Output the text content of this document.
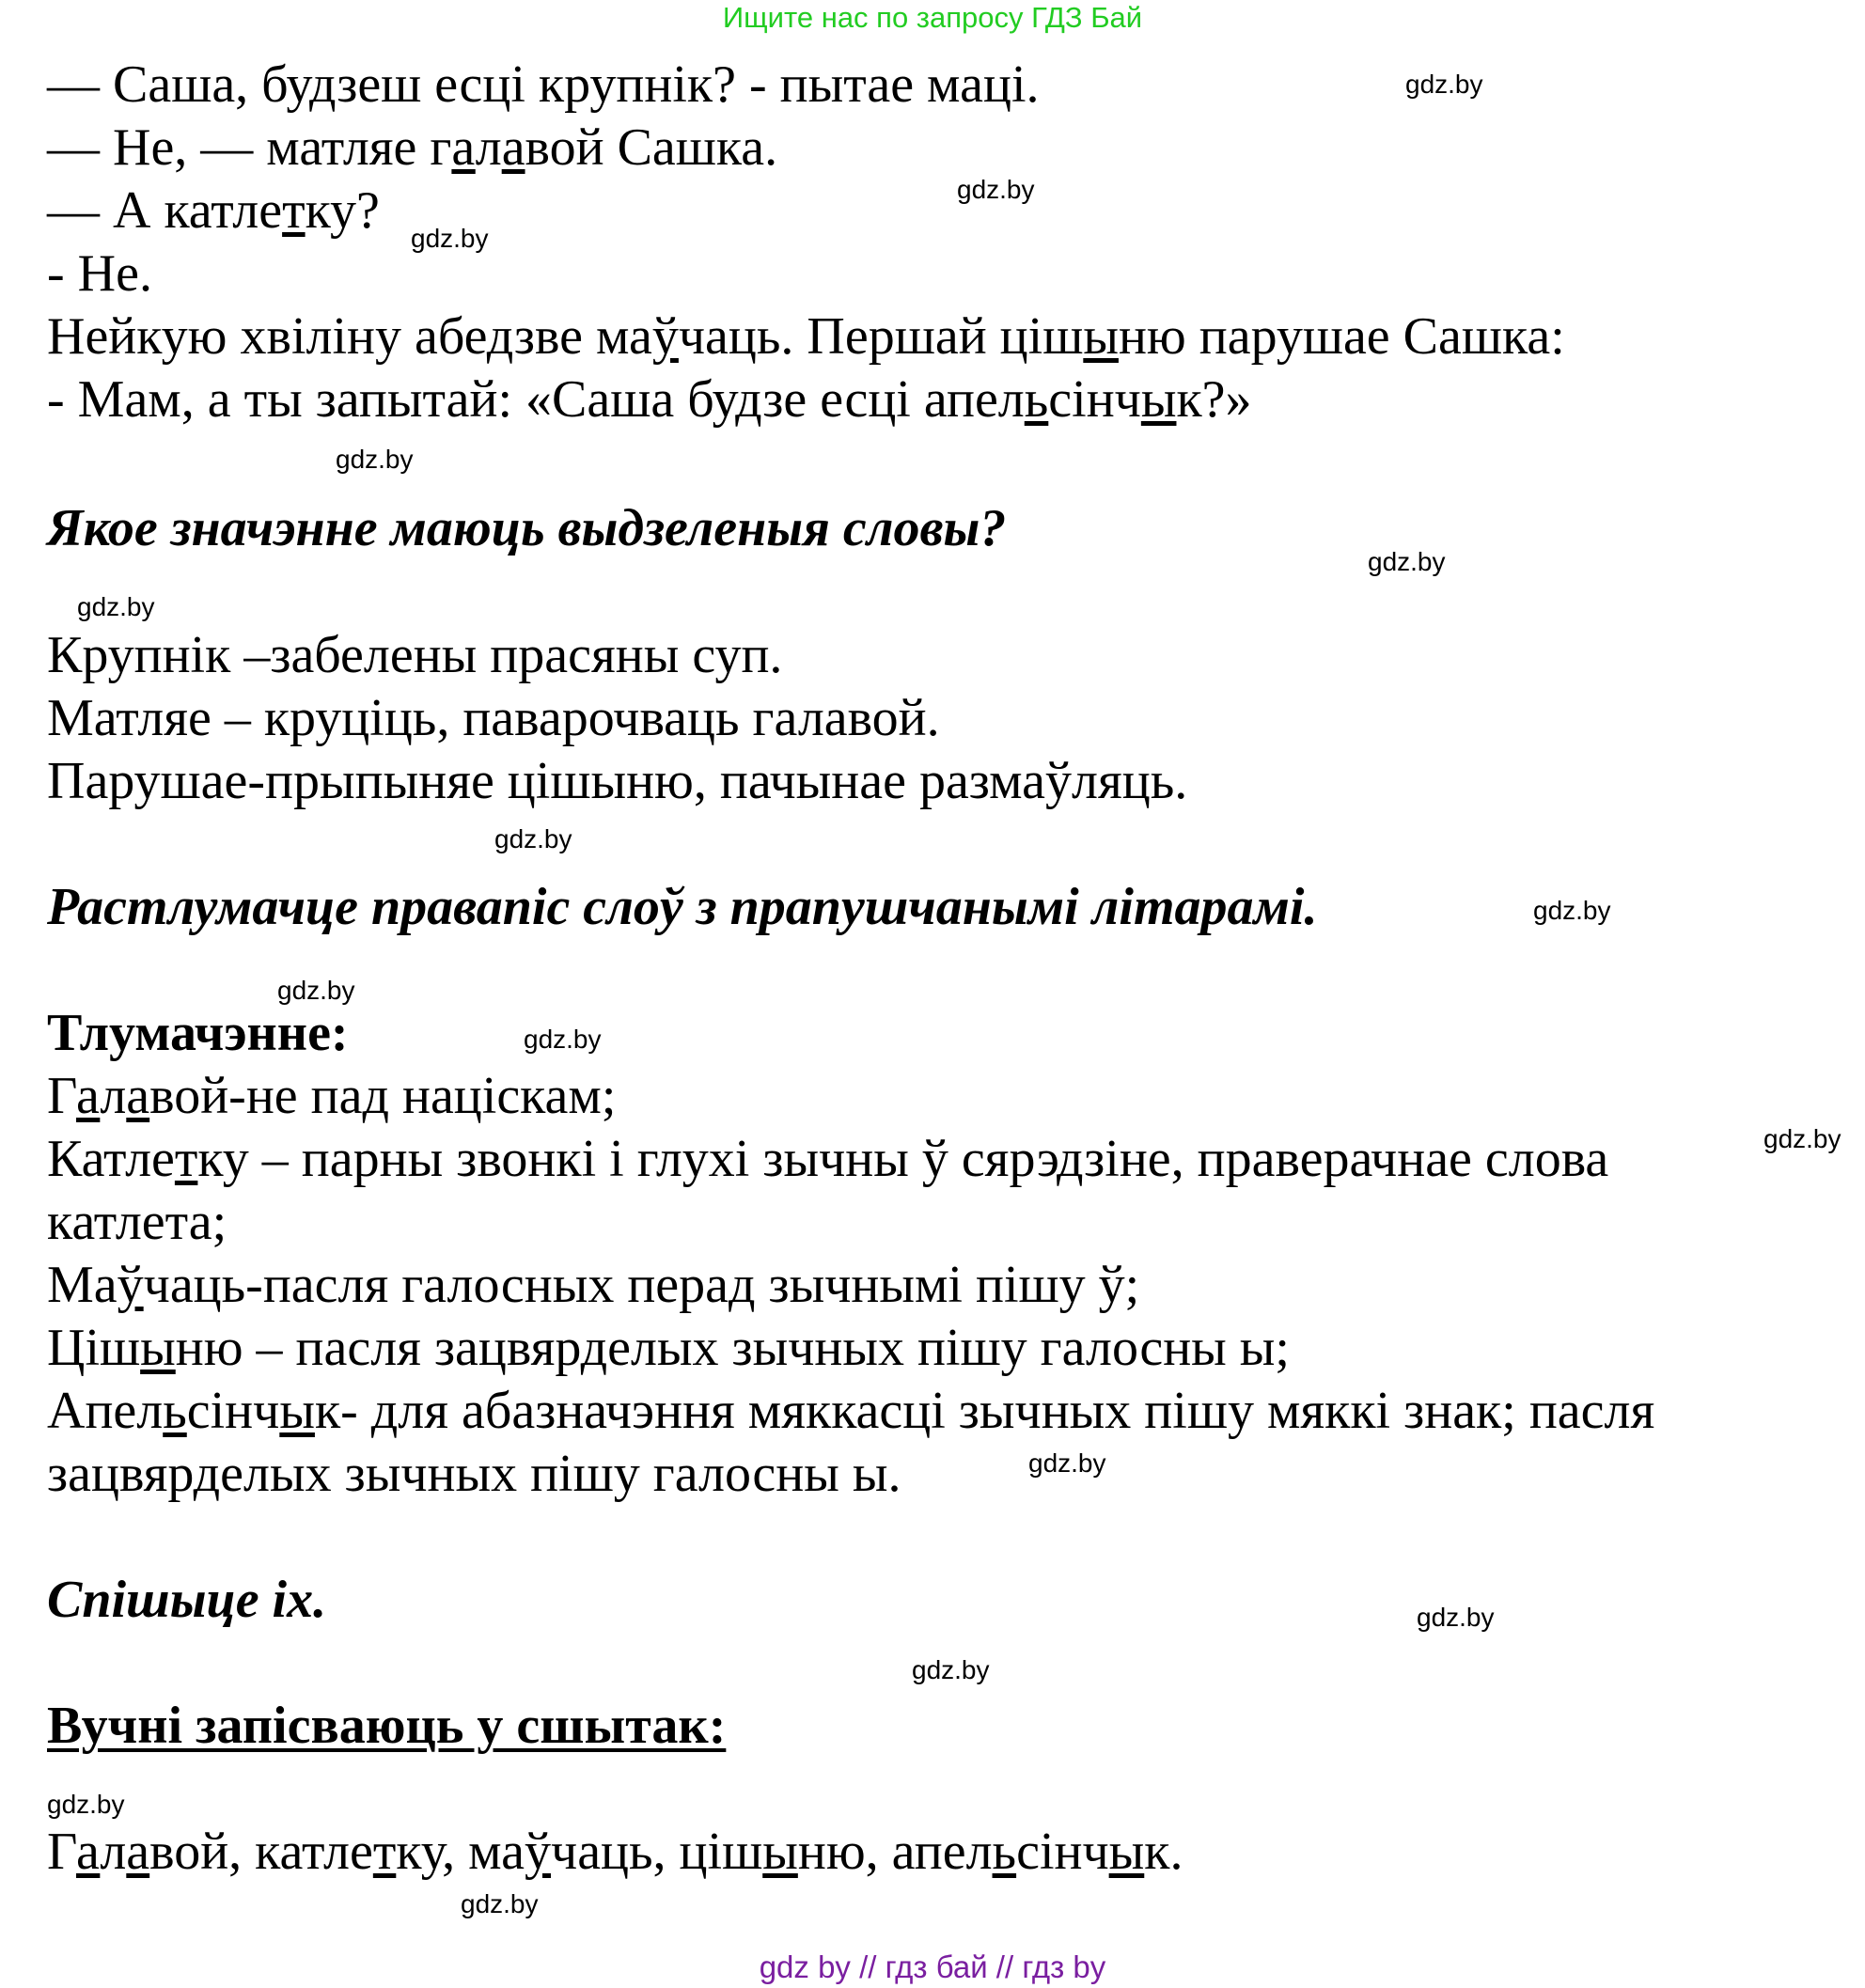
Ищите нас по запросу ГДЗ Бай
— Саша, будзеш есці крупнік? - пытае маці.
— Не, — матляе галавой Сашка.
— А катлетку?
- Не.
Нейкую хвіліну абедзве маўчаць. Першай цішыню парушае Сашка:
- Мам, а ты запытай: «Саша будзе есці апельсінчык?»
Якое значэнне маюць выдзеленыя словы?
Крупнік –забелены прасяны суп.
Матляе – круціць, паварочваць галавой.
Парушае-прыпыняе цішыню, пачынае размаўляць.
Растлумачце правапіс слоў з прапушчанымі літарамі.
Тлумачэнне:
Галавой-не пад націскам;
Катлетку – парны звонкі і глухі зычны ў сярэдзіне, праверачнае слова
катлета;
Маўчаць-пасля галосных перад зычнымі пішу ў;
Цішыню – пасля зацвярделых зычных пішу галосны ы;
Апельсінчык- для абазначэння мяккасці зычных пішу мяккі знак; пасля
зацвярделых зычных пішу галосны ы.
Спішыце іх.
Вучні запісваюць у сшытак:
Галавой, катлетку, маўчаць, цішыню, апельсінчык.
gdz.by
gdz.by
gdz.by
gdz.by
gdz.by
gdz.by
gdz.by
gdz.by
gdz.by
gdz.by
gdz.by
gdz.by
gdz.by
gdz.by
gdz.by
gdz.by
gdz by // гдз бай // гдз by
